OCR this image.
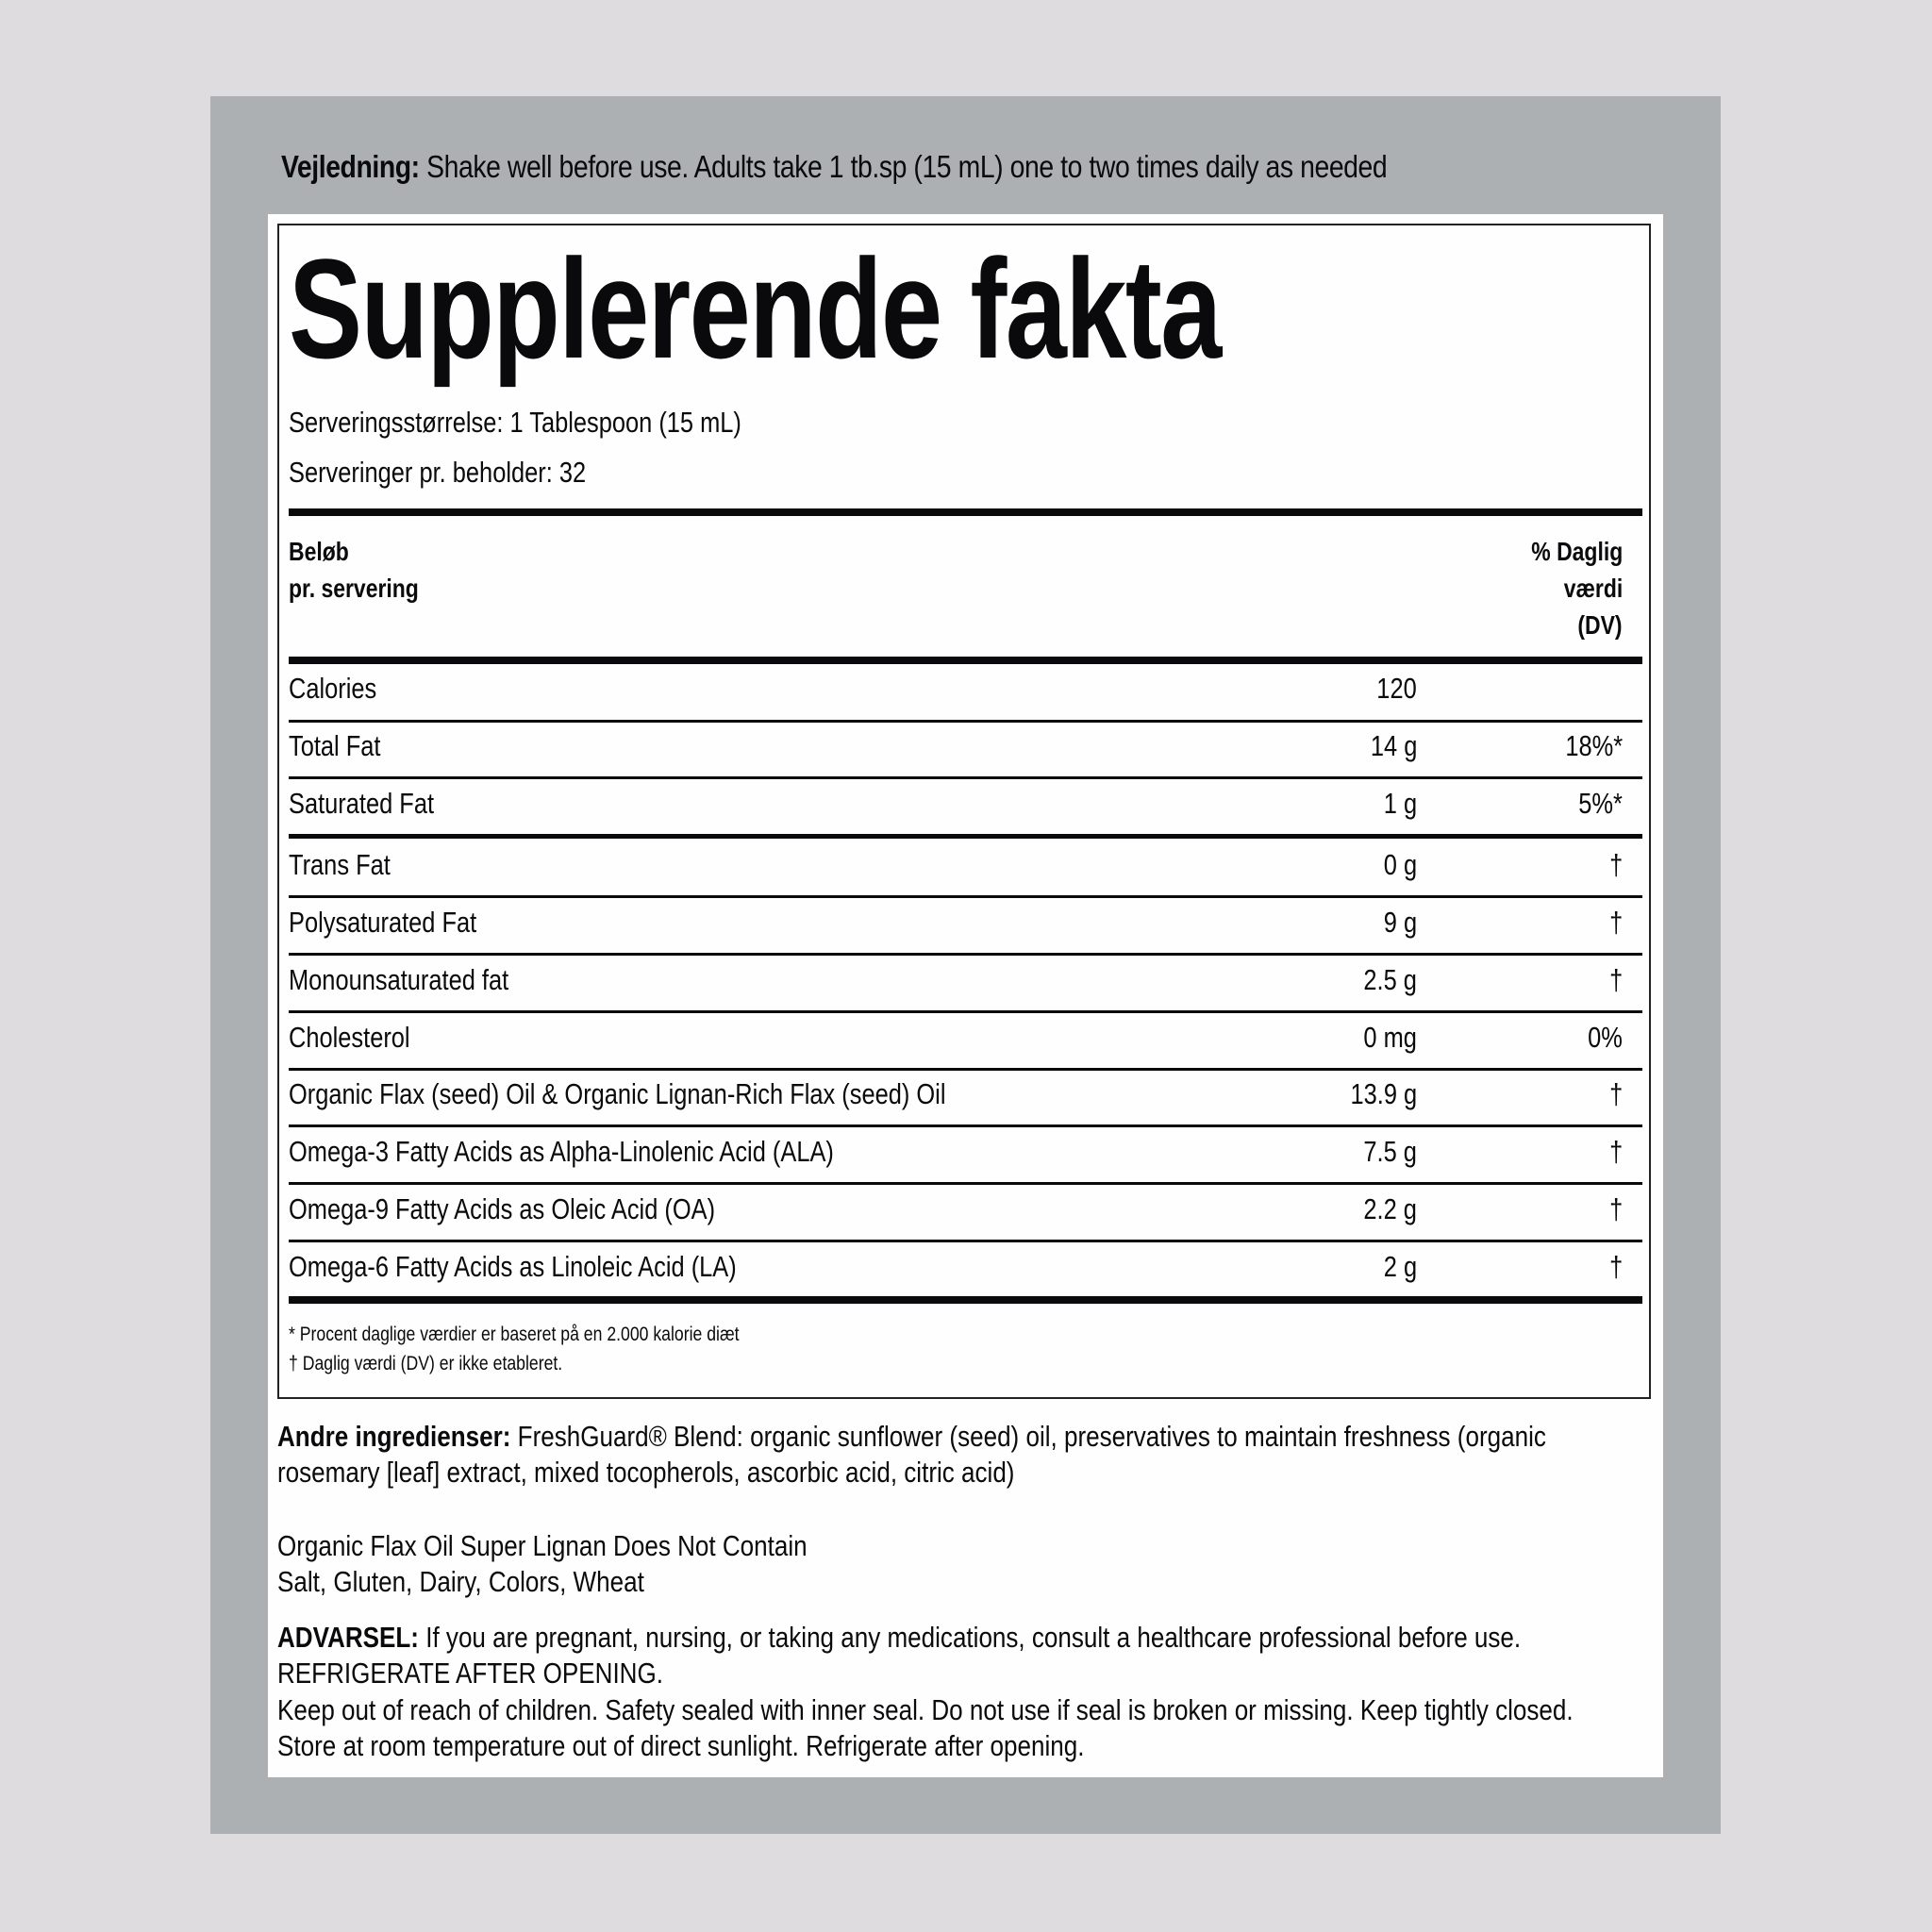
Vejledning: Shake well before use. Adults take 1 tb.sp (15 mL) one to two times daily as needed
Supplerende fakta
Serveringsstørrelse: 1 Tablespoon (15 mL)
Serveringer pr. beholder: 32
Beløb
pr. servering
% Daglig
værdi
(DV)
Calories	120
Total Fat	14 g	18%*
Saturated Fat	1 g	5%*
Trans Fat	0 g	†
Polysaturated Fat	9 g	†
Monounsaturated fat	2.5 g	†
Cholesterol	0 mg	0%
Organic Flax (seed) Oil & Organic Lignan-Rich Flax (seed) Oil	13.9 g	†
Omega-3 Fatty Acids as Alpha-Linolenic Acid (ALA)	7.5 g	†
Omega-9 Fatty Acids as Oleic Acid (OA)	2.2 g	†
Omega-6 Fatty Acids as Linoleic Acid (LA)	2 g	†
* Procent daglige værdier er baseret på en 2.000 kalorie diæt
† Daglig værdi (DV) er ikke etableret.
Andre ingredienser: FreshGuard® Blend: organic sunflower (seed) oil, preservatives to maintain freshness (organic
rosemary [leaf] extract, mixed tocopherols, ascorbic acid, citric acid)
Organic Flax Oil Super Lignan Does Not Contain
Salt, Gluten, Dairy, Colors, Wheat
ADVARSEL: If you are pregnant, nursing, or taking any medications, consult a healthcare professional before use.
REFRIGERATE AFTER OPENING.
Keep out of reach of children. Safety sealed with inner seal. Do not use if seal is broken or missing. Keep tightly closed.
Store at room temperature out of direct sunlight. Refrigerate after opening.
